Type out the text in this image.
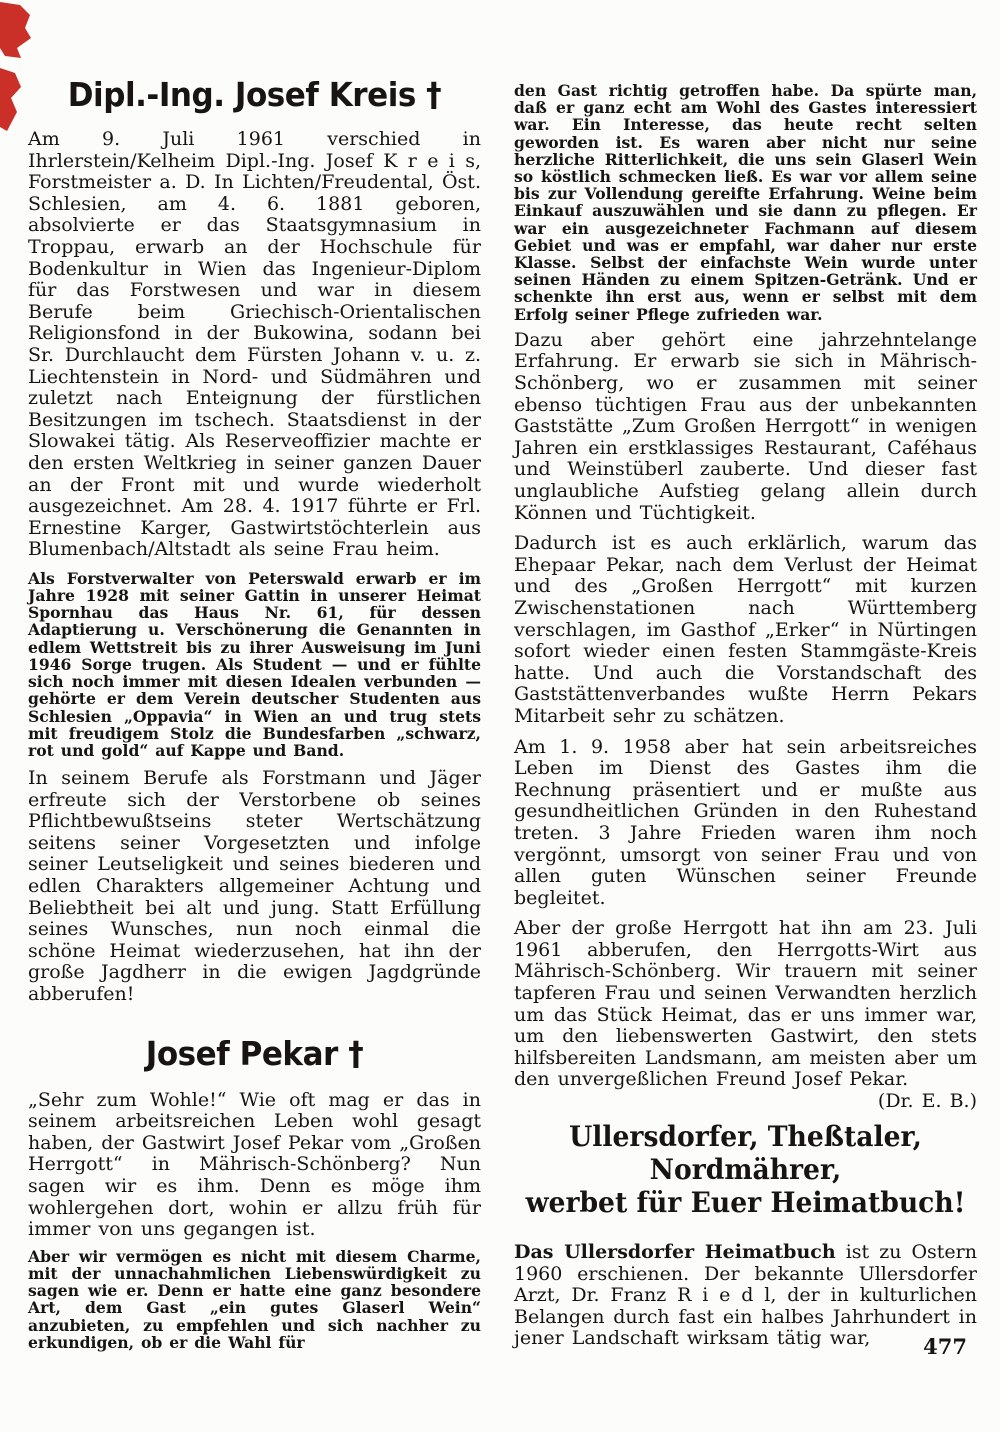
Dipl.-Ing. Josef Kreis †

Am 9. Juli 1961 verschied in Ihrlerstein/Kelheim Dipl.-Ing. Josef K r e i s, Forstmeister a. D. In Lichten/Freudental, Öst. Schlesien, am 4. 6. 1881 geboren, absolvierte er das Staatsgymnasium in Troppau, erwarb an der Hochschule für Bodenkultur in Wien das Ingenieur-Diplom für das Forstwesen und war in diesem Berufe beim Griechisch-Orientalischen Religionsfond in der Bukowina, sodann bei Sr. Durchlaucht dem Fürsten Johann v. u. z. Liechtenstein in Nord- und Südmähren und zuletzt nach Enteignung der fürstlichen Besitzungen im tschech. Staatsdienst in der Slowakei tätig. Als Reserveoffizier machte er den ersten Weltkrieg in seiner ganzen Dauer an der Front mit und wurde wiederholt ausgezeichnet. Am 28. 4. 1917 führte er Frl. Ernestine Karger, Gastwirtstöchterlein aus Blumenbach/Altstadt als seine Frau heim.

Als Forstverwalter von Peterswald erwarb er im Jahre 1928 mit seiner Gattin in unserer Heimat Spornhau das Haus Nr. 61, für dessen Adaptierung u. Verschönerung die Genannten in edlem Wettstreit bis zu ihrer Ausweisung im Juni 1946 Sorge trugen. Als Student — und er fühlte sich noch immer mit diesen Idealen verbunden — gehörte er dem Verein deutscher Studenten aus Schlesien „Oppavia“ in Wien an und trug stets mit freudigem Stolz die Bundesfarben „schwarz, rot und gold“ auf Kappe und Band.

In seinem Berufe als Forstmann und Jäger erfreute sich der Verstorbene ob seines Pflichtbewußtseins steter Wertschätzung seitens seiner Vorgesetzten und infolge seiner Leutseligkeit und seines biederen und edlen Charakters allgemeiner Achtung und Beliebtheit bei alt und jung. Statt Erfüllung seines Wunsches, nun noch einmal die schöne Heimat wiederzusehen, hat ihn der große Jagdherr in die ewigen Jagdgründe abberufen!

Josef Pekar †

„Sehr zum Wohle!“ Wie oft mag er das in seinem arbeitsreichen Leben wohl gesagt haben, der Gastwirt Josef Pekar vom „Großen Herrgott“ in Mährisch-Schönberg? Nun sagen wir es ihm. Denn es möge ihm wohlergehen dort, wohin er allzu früh für immer von uns gegangen ist.

Aber wir vermögen es nicht mit diesem Charme, mit der unnachahmlichen Liebenswürdigkeit zu sagen wie er. Denn er hatte eine ganz besondere Art, dem Gast „ein gutes Glaserl Wein“ anzubieten, zu empfehlen und sich nachher zu erkundigen, ob er die Wahl für

den Gast richtig getroffen habe. Da spürte man, daß er ganz echt am Wohl des Gastes interessiert war. Ein Interesse, das heute recht selten geworden ist. Es waren aber nicht nur seine herzliche Ritterlichkeit, die uns sein Glaserl Wein so köstlich schmecken ließ. Es war vor allem seine bis zur Vollendung gereifte Erfahrung. Weine beim Einkauf auszuwählen und sie dann zu pflegen. Er war ein ausgezeichneter Fachmann auf diesem Gebiet und was er empfahl, war daher nur erste Klasse. Selbst der einfachste Wein wurde unter seinen Händen zu einem Spitzen-Getränk. Und er schenkte ihn erst aus, wenn er selbst mit dem Erfolg seiner Pflege zufrieden war.

Dazu aber gehört eine jahrzehntelange Erfahrung. Er erwarb sie sich in Mährisch-Schönberg, wo er zusammen mit seiner ebenso tüchtigen Frau aus der unbekannten Gaststätte „Zum Großen Herrgott“ in wenigen Jahren ein erstklassiges Restaurant, Caféhaus und Weinstüberl zauberte. Und dieser fast unglaubliche Aufstieg gelang allein durch Können und Tüchtigkeit.

Dadurch ist es auch erklärlich, warum das Ehepaar Pekar, nach dem Verlust der Heimat und des „Großen Herrgott“ mit kurzen Zwischenstationen nach Württemberg verschlagen, im Gasthof „Erker“ in Nürtingen sofort wieder einen festen Stammgäste-Kreis hatte. Und auch die Vorstandschaft des Gaststättenverbandes wußte Herrn Pekars Mitarbeit sehr zu schätzen.

Am 1. 9. 1958 aber hat sein arbeitsreiches Leben im Dienst des Gastes ihm die Rechnung präsentiert und er mußte aus gesundheitlichen Gründen in den Ruhestand treten. 3 Jahre Frieden waren ihm noch vergönnt, umsorgt von seiner Frau und von allen guten Wünschen seiner Freunde begleitet.

Aber der große Herrgott hat ihn am 23. Juli 1961 abberufen, den Herrgotts-Wirt aus Mährisch-Schönberg. Wir trauern mit seiner tapferen Frau und seinen Verwandten herzlich um das Stück Heimat, das er uns immer war, um den liebenswerten Gastwirt, den stets hilfsbereiten Landsmann, am meisten aber um den unvergeßlichen Freund Josef Pekar.
(Dr. E. B.)

Ullersdorfer, Theßtaler, Nordmährer,
werbet für Euer Heimatbuch!

Das Ullersdorfer Heimatbuch ist zu Ostern 1960 erschienen. Der bekannte Ullersdorfer Arzt, Dr. Franz R i e d l, der in kulturlichen Belangen durch fast ein halbes Jahrhundert in jener Landschaft wirksam tätig war,	477
